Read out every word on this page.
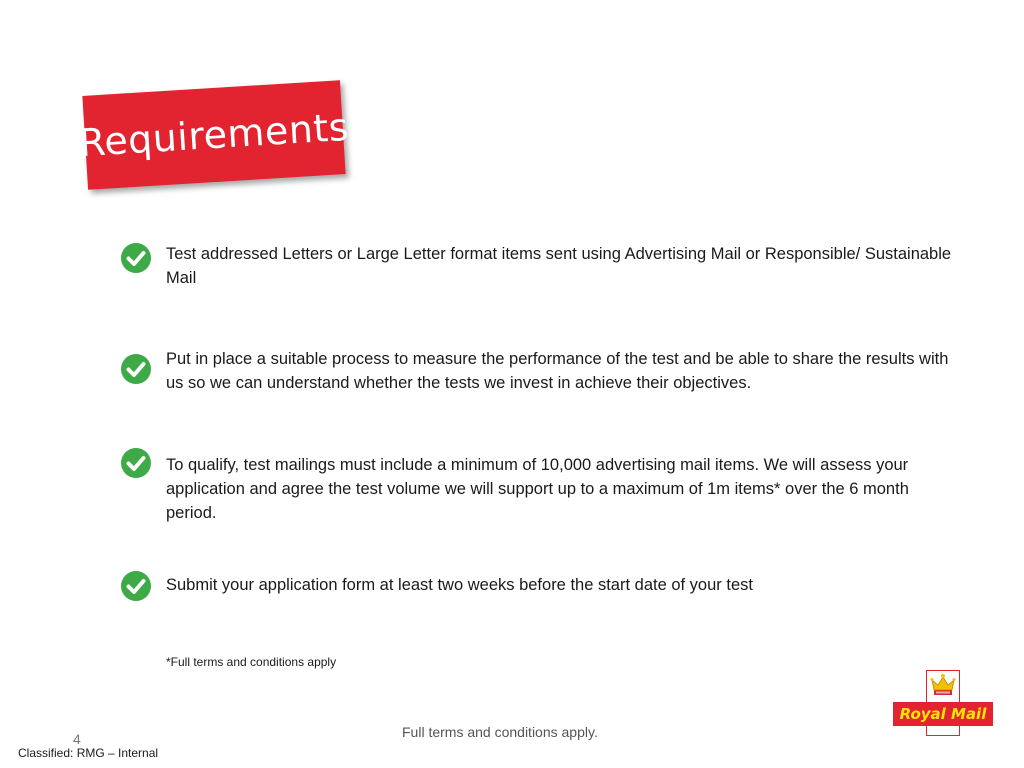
Requirements
Test addressed Letters or Large Letter format items sent using Advertising Mail or Responsible/ Sustainable Mail
Put in place a suitable process to measure the performance of the test and be able to share the results with us so we can understand whether the tests we invest in achieve their objectives.
To qualify, test mailings must include a minimum of 10,000 advertising mail items. We will assess your application and agree the test volume we will support up to a maximum of 1m items* over the 6 month period.
Submit your application form at least two weeks before the start date of your test
*Full terms and conditions apply
Full terms and conditions apply.
4
Classified: RMG – Internal
Royal Mail
